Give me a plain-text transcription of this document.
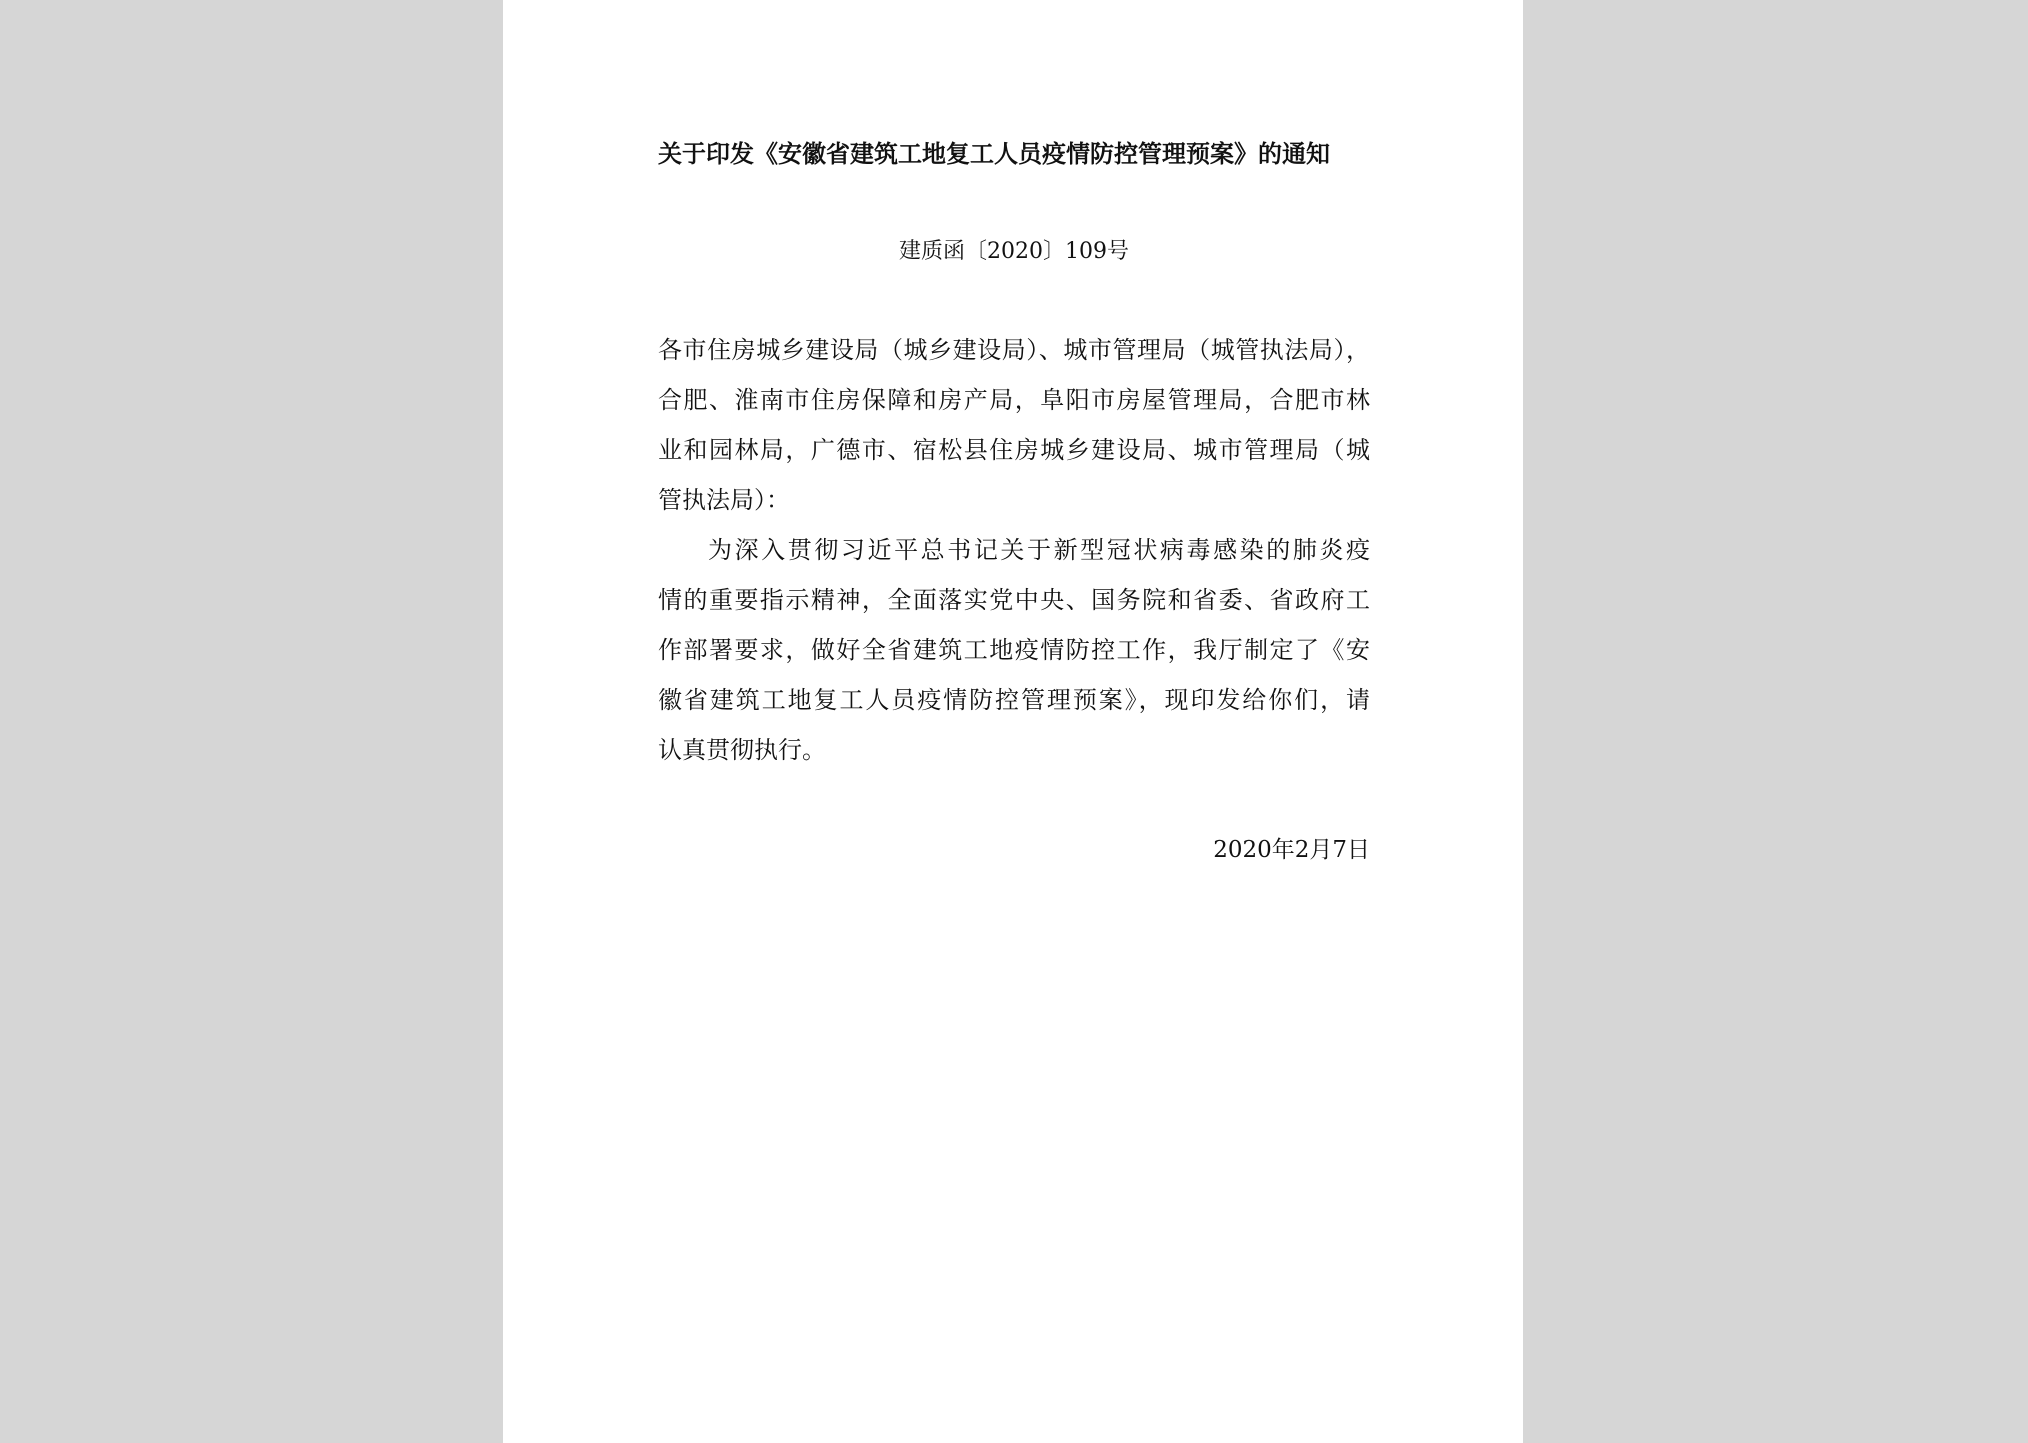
关于印发《安徽省建筑工地复工人员疫情防控管理预案》的通知
建质函〔2020〕109号
各市住房城乡建设局（城乡建设局）、城市管理局（城管执法局），
合肥、淮南市住房保障和房产局，阜阳市房屋管理局，合肥市林
业和园林局，广德市、宿松县住房城乡建设局、城市管理局（城
管执法局）：
为深入贯彻习近平总书记关于新型冠状病毒感染的肺炎疫
情的重要指示精神，全面落实党中央、国务院和省委、省政府工
作部署要求，做好全省建筑工地疫情防控工作，我厅制定了《安
徽省建筑工地复工人员疫情防控管理预案》，现印发给你们，请
认真贯彻执行。
2020年2月7日
